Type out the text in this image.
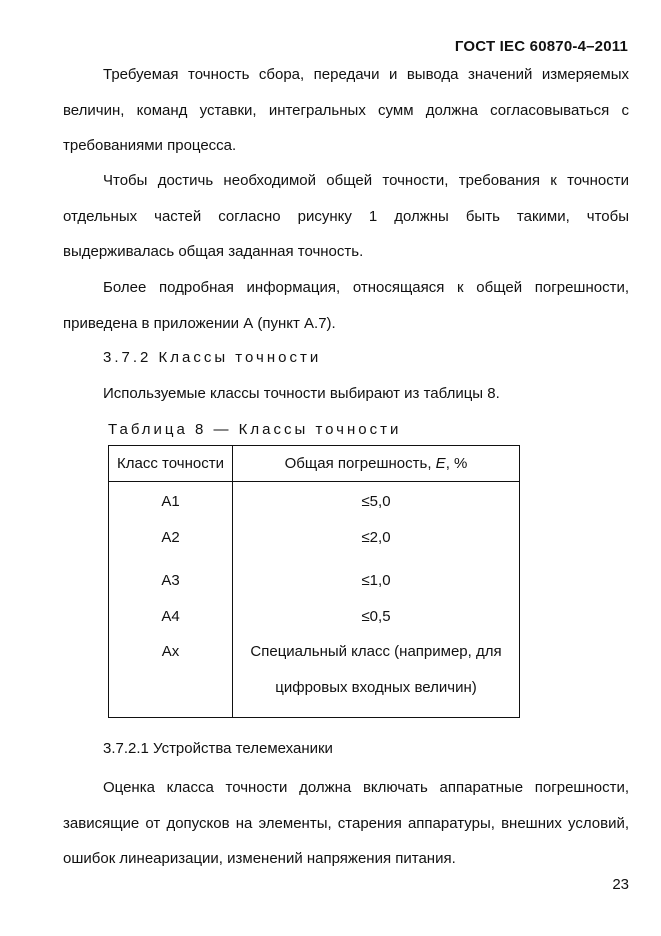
ГОСТ IEC 60870-4–2011

Требуемая точность сбора, передачи и вывода значений измеряемых величин, команд уставки, интегральных сумм должна согласовываться с требованиями процесса.

Чтобы достичь необходимой общей точности, требования к точности отдельных частей согласно рисунку 1 должны быть такими, чтобы выдерживалась общая заданная точность.

Более подробная информация, относящаяся к общей погрешности, приведена в приложении А (пункт А.7).

3.7.2 Классы точности
Используемые классы точности выбирают из таблицы 8.
Таблица 8 — Классы точности
Класс точности	Общая погрешность, E, %

А1	≤5,0

А2	≤2,0

А3	≤1,0

А4	≤0,5

Ах	Специальный класс (например, для
цифровых входных величин)
3.7.2.1 Устройства телемеханики

Оценка класса точности должна включать аппаратные погрешности, зависящие от допусков на элементы, старения аппаратуры, внешних условий, ошибок линеаризации, изменений напряжения питания.

23
